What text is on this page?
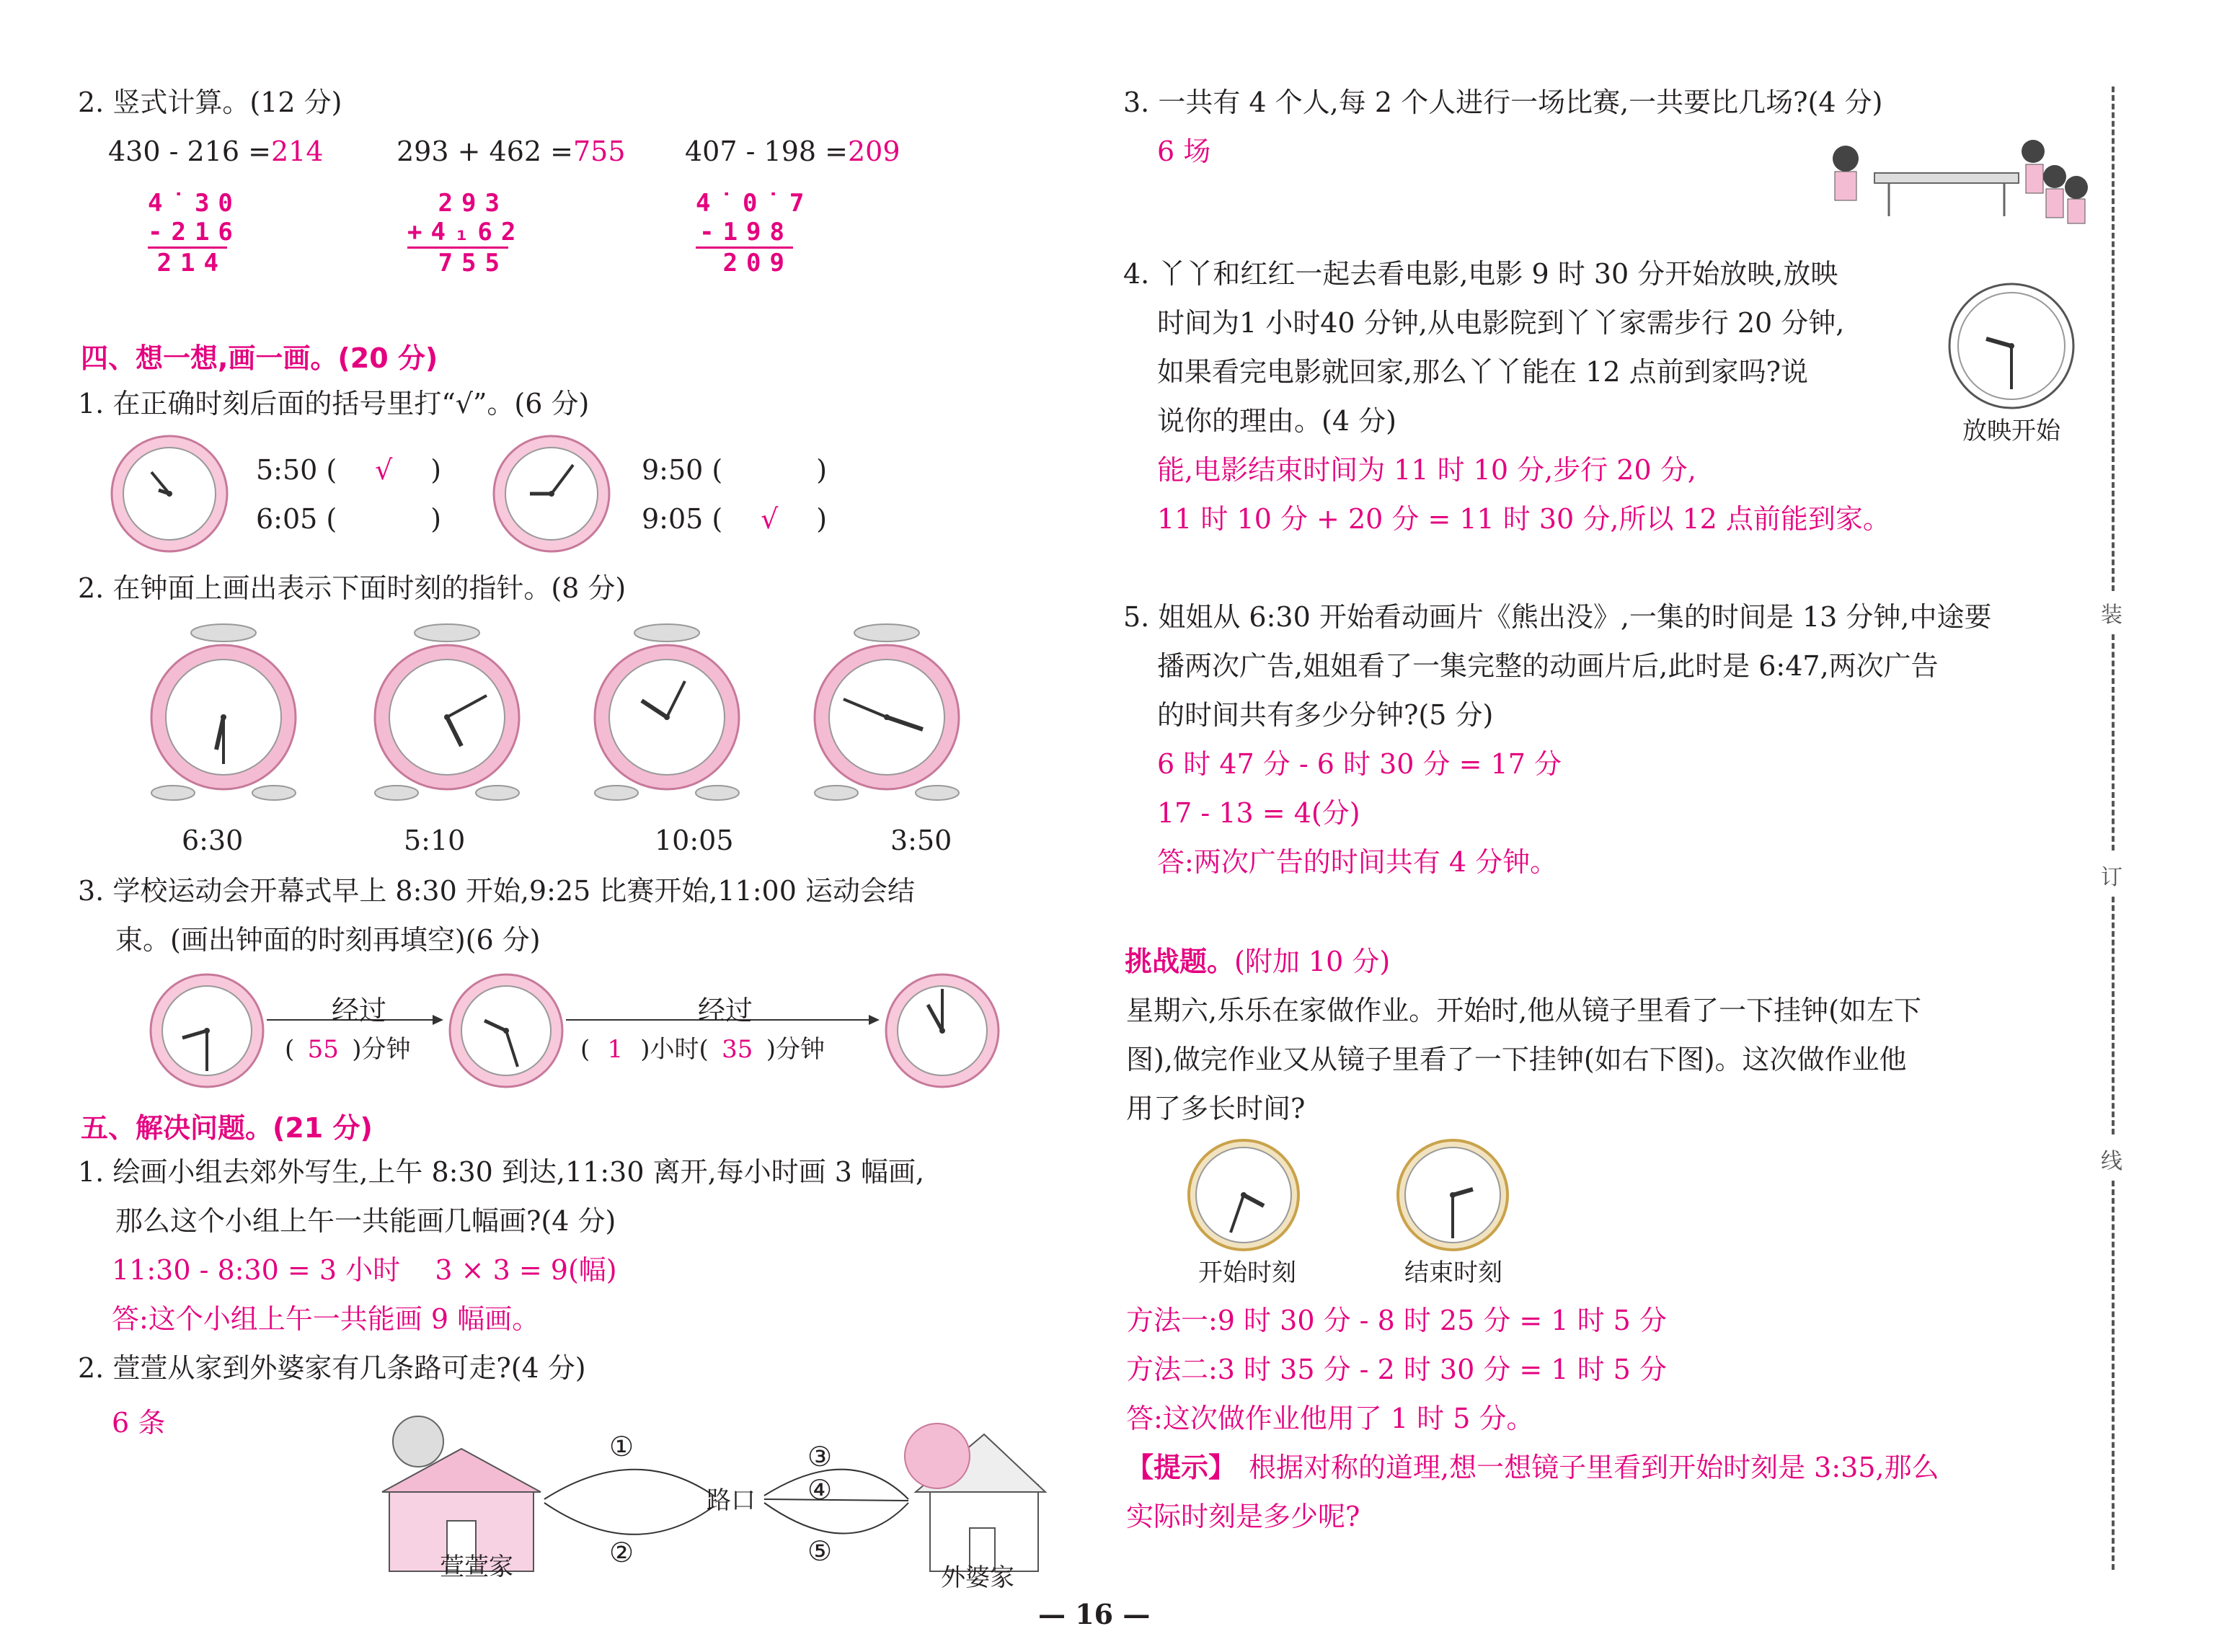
2. 竖式计算。(12 分)
430 - 216 =214	293 + 462 =755 407 - 198 =209
4˙30
-216
214
293
+4₁62
755
4˙0˙7
-198
209
四、想一想,画一画。(20 分)
1. 在正确时刻后面的括号里打“√”。(6 分)
5:50 ( √ )
6:05 (	)
9:50 (	)
9:05 ( √ )
2. 在钟面上画出表示下面时刻的指针。(8 分)
6:30	5:10	10:05	3:50
3. 学校运动会开幕式早上 8:30 开始,9:25 比赛开始,11:00 运动会结
束。(画出钟面的时刻再填空)(6 分)
经过
( 55 )分钟
经过
( 1 )小时( 35 )分钟
五、解决问题。(21 分)
1. 绘画小组去郊外写生,上午 8:30 到达,11:30 离开,每小时画 3 幅画,
那么这个小组上午一共能画几幅画?(4 分)
11:30 - 8:30 = 3 小时    3 × 3 = 9(幅)
答:这个小组上午一共能画 9 幅画。
2. 萱萱从家到外婆家有几条路可走?(4 分)
6 条
①
②
③
④
⑤
路口
萱萱家	外婆家
— 16 —
3. 一共有 4 个人,每 2 个人进行一场比赛,一共要比几场?(4 分)
6 场
4. 丫丫和红红一起去看电影,电影 9 时 30 分开始放映,放映
时间为1 小时40 分钟,从电影院到丫丫家需步行 20 分钟,
如果看完电影就回家,那么丫丫能在 12 点前到家吗?说
说你的理由。(4 分)	放映开始
能,电影结束时间为 11 时 10 分,步行 20 分,
11 时 10 分 + 20 分 = 11 时 30 分,所以 12 点前能到家。
5. 姐姐从 6:30 开始看动画片《熊出没》,一集的时间是 13 分钟,中途要
播两次广告,姐姐看了一集完整的动画片后,此时是 6:47,两次广告
的时间共有多少分钟?(5 分)
6 时 47 分 - 6 时 30 分 = 17 分
17 - 13 = 4(分)
答:两次广告的时间共有 4 分钟。
挑战题。(附加 10 分)
星期六,乐乐在家做作业。开始时,他从镜子里看了一下挂钟(如左下
图),做完作业又从镜子里看了一下挂钟(如右下图)。这次做作业他
用了多长时间?
开始时刻	结束时刻
方法一:9 时 30 分 - 8 时 25 分 = 1 时 5 分
方法二:3 时 35 分 - 2 时 30 分 = 1 时 5 分
答:这次做作业他用了 1 时 5 分。
【提示】 根据对称的道理,想一想镜子里看到开始时刻是 3:35,那么
实际时刻是多少呢?
装
订
线
